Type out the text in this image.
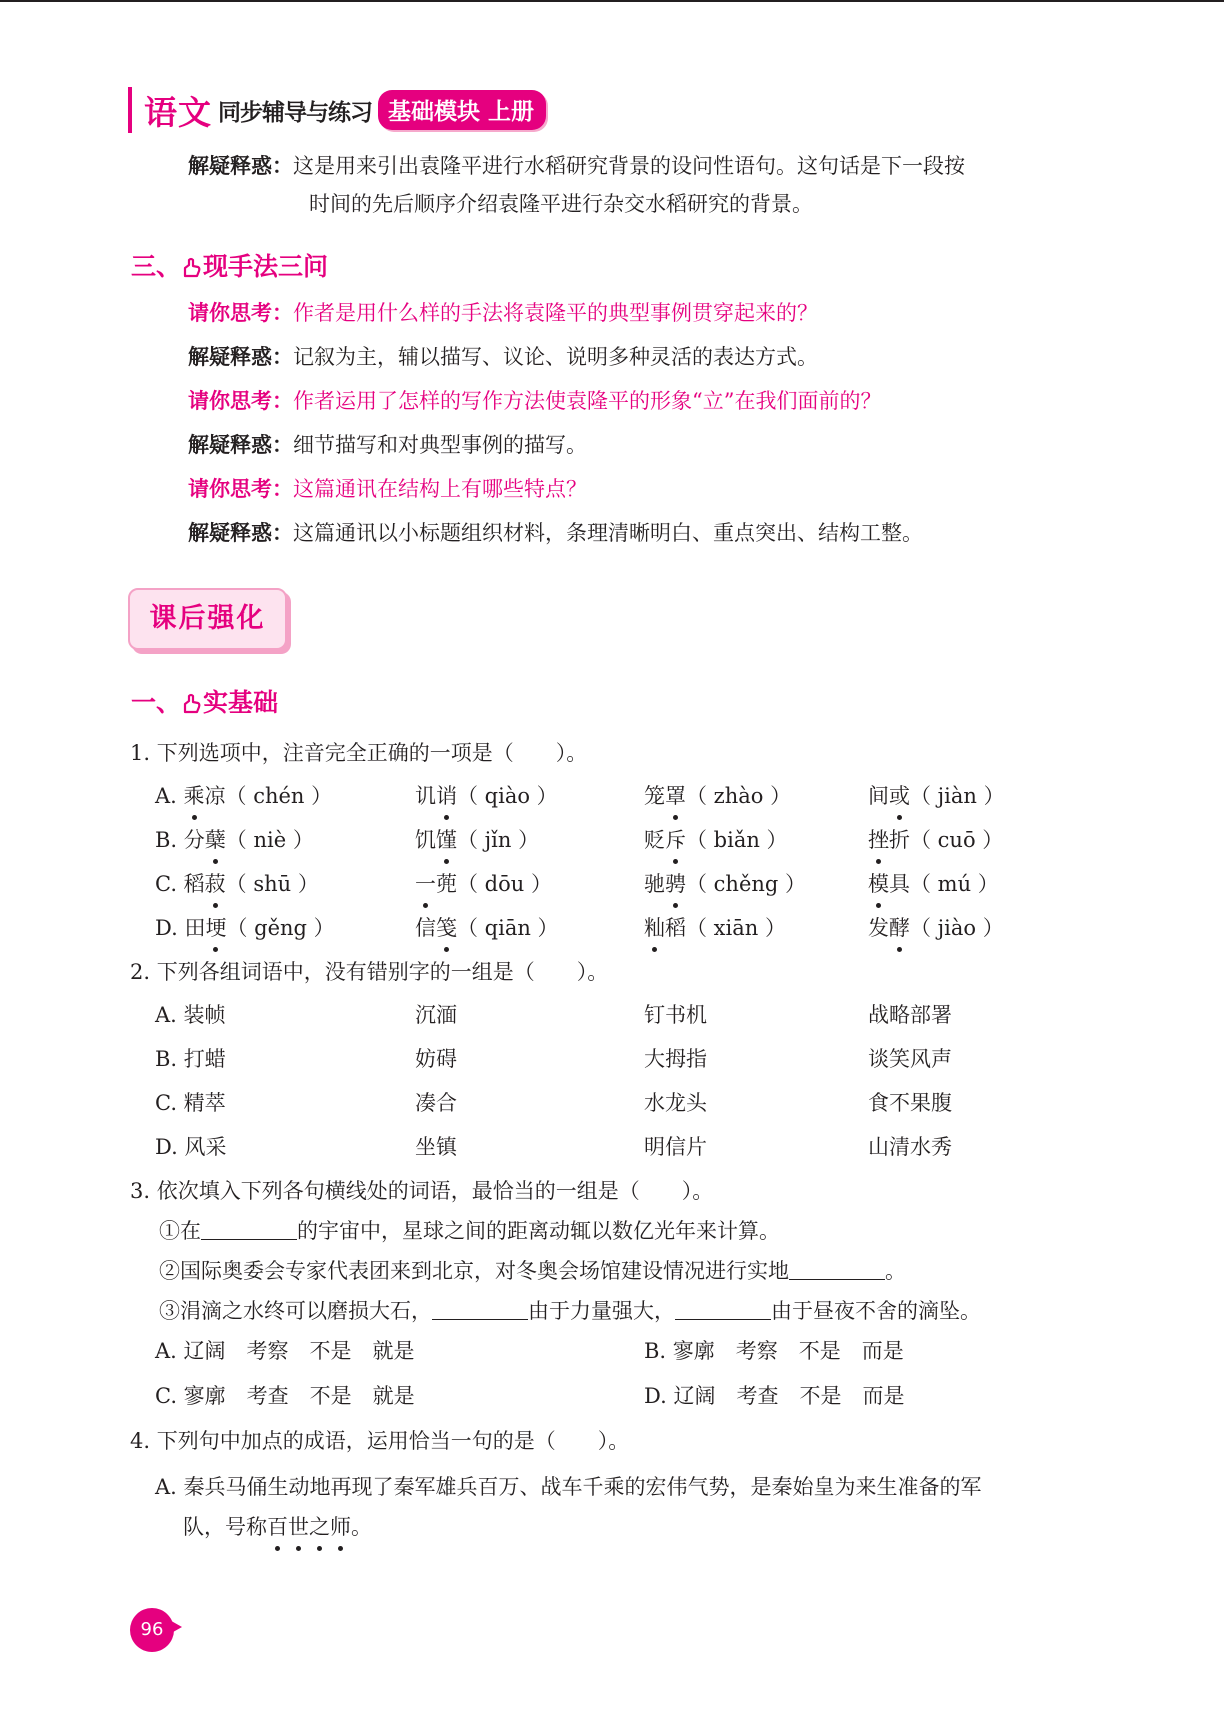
语文 同步辅导与练习 基础模块 上册
解疑释惑：这是用来引出袁隆平进行水稻研究背景的设问性语句。这句话是下一段按
时间的先后顺序介绍袁隆平进行杂交水稻研究的背景。
三、 现手法三问
请你思考：作者是用什么样的手法将袁隆平的典型事例贯穿起来的？
解疑释惑：记叙为主，辅以描写、议论、说明多种灵活的表达方式。
请你思考：作者运用了怎样的写作方法使袁隆平的形象“立”在我们面前的？
解疑释惑：细节描写和对典型事例的描写。
请你思考：这篇通讯在结构上有哪些特点？
解疑释惑：这篇通讯以小标题组织材料，条理清晰明白、重点突出、结构工整。
课后强化
一、 实基础
1. 下列选项中，注音完全正确的一项是（　　）。
A. 乘凉（ chén ）	讥诮（ qiào ）	笼罩（ zhào ）	间或（ jiàn ）
B. 分蘖（ niè ）	饥馑（ jǐn ）	贬斥（ biǎn ）	挫折（ cuō ）
C. 稻菽（ shū ）	一蔸（ dōu ）	驰骋（ chěng ）	模具（ mú ）
D. 田埂（ gěng ）	信笺（ qiān ）	籼稻（ xiān ）	发酵（ jiào ）
2. 下列各组词语中，没有错别字的一组是（　　）。
A. 装帧	沉湎	钉书机	战略部署
B. 打蜡	妨碍	大拇指	谈笑风声
C. 精萃	凑合	水龙头	食不果腹
D. 风采	坐镇	明信片	山清水秀
3. 依次填入下列各句横线处的词语，最恰当的一组是（　　）。
①在	的宇宙中，星球之间的距离动辄以数亿光年来计算。
②国际奥委会专家代表团来到北京，对冬奥会场馆建设情况进行实地	。
③涓滴之水终可以磨损大石，	由于力量强大，	由于昼夜不舍的滴坠。
A. 辽阔　考察　不是　就是	B. 寥廓　考察　不是　而是
C. 寥廓　考查　不是　就是	D. 辽阔　考查　不是　而是
4. 下列句中加点的成语，运用恰当一句的是（　　）。
A. 秦兵马俑生动地再现了秦军雄兵百万、战车千乘的宏伟气势，是秦始皇为来生准备的军
队，号称百世之师。
96
